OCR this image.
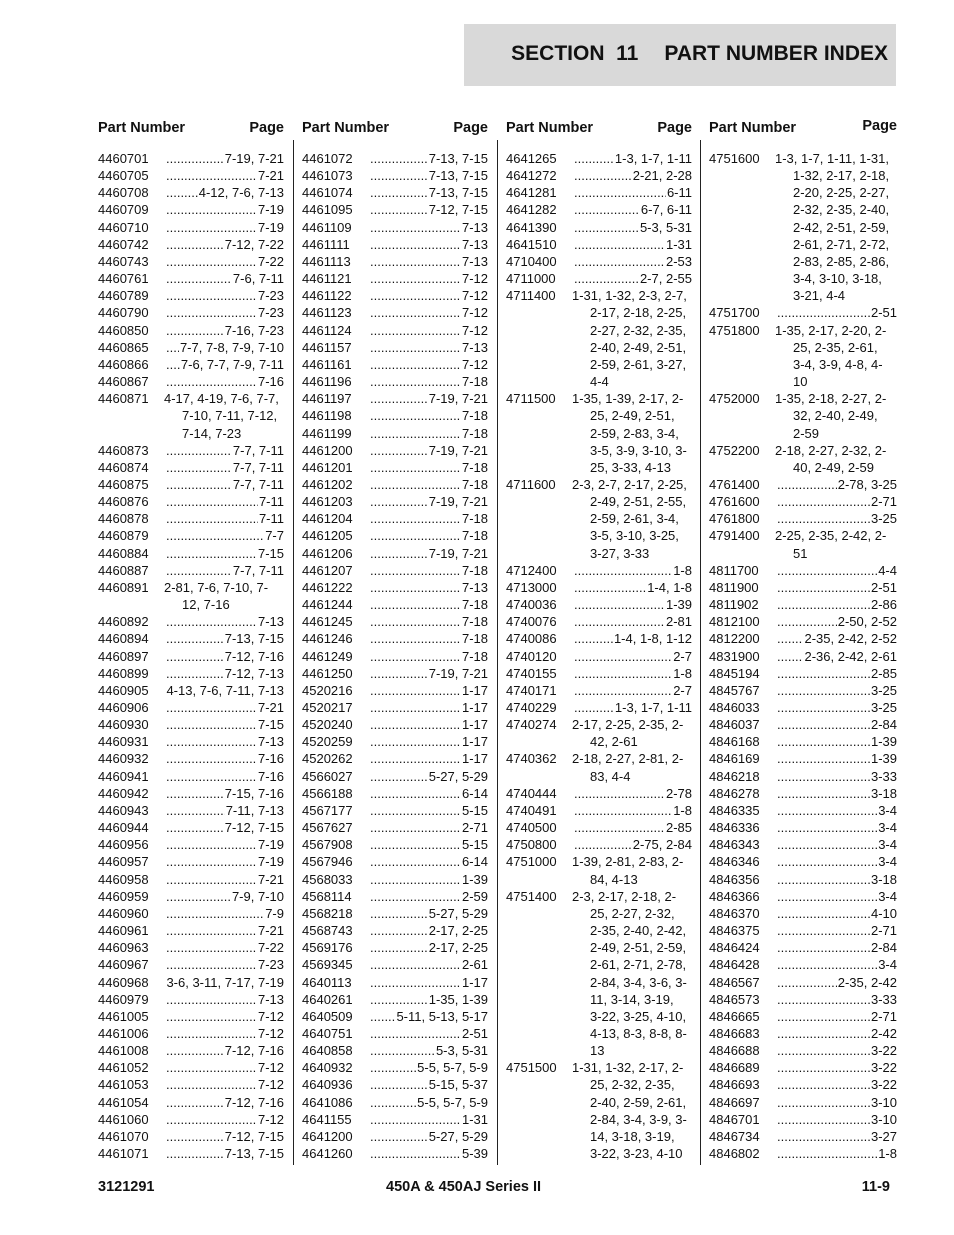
SECTION  11 PART NUMBER INDEX
Part Number	Page
4460701 .....	7-19, 7-21
4460705 .....	7-21
4460708 .....	4-12, 7-6, 7-13
4460709 .....	7-19
4460710 .....	7-19
4460742 .....	7-12, 7-22
4460743 .....	7-22
4460761 .....	7-6, 7-11
4460789 .....	7-23
4460790 .....	7-23
4460850 .....	7-16, 7-23
4460865 .....	7-7, 7-8, 7-9, 7-10
4460866 .....	7-6, 7-7, 7-9, 7-11
4460867 .....	7-16
4460871	4-17, 4-19, 7-6, 7-7,
7-10, 7-11, 7-12,
7-14, 7-23
4460873 .....	7-7, 7-11
4460874 .....	7-7, 7-11
4460875 .....	7-7, 7-11
4460876 .....	7-11
4460878 .....	7-11
4460879 .....	7-7
4460884 .....	7-15
4460887 .....	7-7, 7-11
4460891	2-81, 7-6, 7-10, 7-
12, 7-16
4460892 .....	7-13
4460894 .....	7-13, 7-15
4460897 .....	7-12, 7-16
4460899 .....	7-12, 7-13
4460905	4-13, 7-6, 7-11, 7-13
4460906 .....	7-21
4460930 .....	7-15
4460931 .....	7-13
4460932 .....	7-16
4460941 .....	7-16
4460942 .....	7-15, 7-16
4460943 .....	7-11, 7-13
4460944 .....	7-12, 7-15
4460956 .....	7-19
4460957 .....	7-19
4460958 .....	7-21
4460959 .....	7-9, 7-10
4460960 .....	7-9
4460961 .....	7-21
4460963 .....	7-22
4460967 .....	7-23
4460968	3-6, 3-11, 7-17, 7-19
4460979 .....	7-13
4461005 .....	7-12
4461006 .....	7-12
4461008 .....	7-12, 7-16
4461052 .....	7-12
4461053 .....	7-12
4461054 .....	7-12, 7-16
4461060 .....	7-12
4461070 .....	7-12, 7-15
4461071 .....	7-13, 7-15
Part Number	Page
4461072 .....	7-13, 7-15
4461073 .....	7-13, 7-15
4461074 .....	7-13, 7-15
4461095 .....	7-12, 7-15
4461109 .....	7-13
4461111 .....	7-13
4461113 .....	7-13
4461121 .....	7-12
4461122 .....	7-12
4461123 .....	7-12
4461124 .....	7-12
4461157 .....	7-13
4461161 .....	7-12
4461196 .....	7-18
4461197 .....	7-19, 7-21
4461198 .....	7-18
4461199 .....	7-18
4461200 .....	7-19, 7-21
4461201 .....	7-18
4461202 .....	7-18
4461203 .....	7-19, 7-21
4461204 .....	7-18
4461205 .....	7-18
4461206 .....	7-19, 7-21
4461207 .....	7-18
4461222 .....	7-13
4461244 .....	7-18
4461245 .....	7-18
4461246 .....	7-18
4461249 .....	7-18
4461250 .....	7-19, 7-21
4520216 .....	1-17
4520217 .....	1-17
4520240 .....	1-17
4520259 .....	1-17
4520262 .....	1-17
4566027 .....	5-27, 5-29
4566188 .....	6-14
4567177 .....	5-15
4567627 .....	2-71
4567908 .....	5-15
4567946 .....	6-14
4568033 .....	1-39
4568114 .....	2-59
4568218 .....	5-27, 5-29
4568743 .....	2-17, 2-25
4569176 .....	2-17, 2-25
4569345 .....	2-61
4640113 .....	1-17
4640261 .....	1-35, 1-39
4640509 .....	5-11, 5-13, 5-17
4640751 .....	2-51
4640858 .....	5-3, 5-31
4640932 .....	5-5, 5-7, 5-9
4640936 .....	5-15, 5-37
4641086 .....	5-5, 5-7, 5-9
4641155 .....	1-31
4641200 .....	5-27, 5-29
4641260 .....	5-39
Part Number	Page
4641265 .....	1-3, 1-7, 1-11
4641272 .....	2-21, 2-28
4641281 .....	6-11
4641282 .....	6-7, 6-11
4641390 .....	5-3, 5-31
4641510 .....	1-31
4710400 .....	2-53
4711000 .....	2-7, 2-55
4711400	1-31, 1-32, 2-3, 2-7,
2-17, 2-18, 2-25,
2-27, 2-32, 2-35,
2-40, 2-49, 2-51,
2-59, 2-61, 3-27,
4-4
4711500	1-35, 1-39, 2-17, 2-
25, 2-49, 2-51,
2-59, 2-83, 3-4,
3-5, 3-9, 3-10, 3-
25, 3-33, 4-13
4711600	2-3, 2-7, 2-17, 2-25,
2-49, 2-51, 2-55,
2-59, 2-61, 3-4,
3-5, 3-10, 3-25,
3-27, 3-33
4712400 .....	1-8
4713000 .....	1-4, 1-8
4740036 .....	1-39
4740076 .....	2-81
4740086 .....	1-4, 1-8, 1-12
4740120 .....	2-7
4740155 .....	1-8
4740171 .....	2-7
4740229 .....	1-3, 1-7, 1-11
4740274	2-17, 2-25, 2-35, 2-
42, 2-61
4740362	2-18, 2-27, 2-81, 2-
83, 4-4
4740444 .....	2-78
4740491 .....	1-8
4740500 .....	2-85
4750800 .....	2-75, 2-84
4751000	1-39, 2-81, 2-83, 2-
84, 4-13
4751400	2-3, 2-17, 2-18, 2-
25, 2-27, 2-32,
2-35, 2-40, 2-42,
2-49, 2-51, 2-59,
2-61, 2-71, 2-78,
2-84, 3-4, 3-6, 3-
11, 3-14, 3-19,
3-22, 3-25, 4-10,
4-13, 8-3, 8-8, 8-
13
4751500	1-31, 1-32, 2-17, 2-
25, 2-32, 2-35,
2-40, 2-59, 2-61,
2-84, 3-4, 3-9, 3-
14, 3-18, 3-19,
3-22, 3-23, 4-10
Part Number	Page
4751600	1-3, 1-7, 1-11, 1-31,
1-32, 2-17, 2-18,
2-20, 2-25, 2-27,
2-32, 2-35, 2-40,
2-42, 2-51, 2-59,
2-61, 2-71, 2-72,
2-83, 2-85, 2-86,
3-4, 3-10, 3-18,
3-21, 4-4
4751700 .....	2-51
4751800	1-35, 2-17, 2-20, 2-
25, 2-35, 2-61,
3-4, 3-9, 4-8, 4-
10
4752000	1-35, 2-18, 2-27, 2-
32, 2-40, 2-49,
2-59
4752200	2-18, 2-27, 2-32, 2-
40, 2-49, 2-59
4761400 .....	2-78, 3-25
4761600 .....	2-71
4761800 .....	3-25
4791400	2-25, 2-35, 2-42, 2-
51
4811700 .....	4-4
4811900 .....	2-51
4811902 .....	2-86
4812100 .....	2-50, 2-52
4812200 .....	2-35, 2-42, 2-52
4831900 .....	2-36, 2-42, 2-61
4845194 .....	2-85
4845767 .....	3-25
4846033 .....	3-25
4846037 .....	2-84
4846168 .....	1-39
4846169 .....	1-39
4846218 .....	3-33
4846278 .....	3-18
4846335 .....	3-4
4846336 .....	3-4
4846343 .....	3-4
4846346 .....	3-4
4846356 .....	3-18
4846366 .....	3-4
4846370 .....	4-10
4846375 .....	2-71
4846424 .....	2-84
4846428 .....	3-4
4846567 .....	2-35, 2-42
4846573 .....	3-33
4846665 .....	2-71
4846683 .....	2-42
4846688 .....	3-22
4846689 .....	3-22
4846693 .....	3-22
4846697 .....	3-10
4846701 .....	3-10
4846734 .....	3-27
4846802 .....	1-8
3121291	450A & 450AJ Series II	11-9
